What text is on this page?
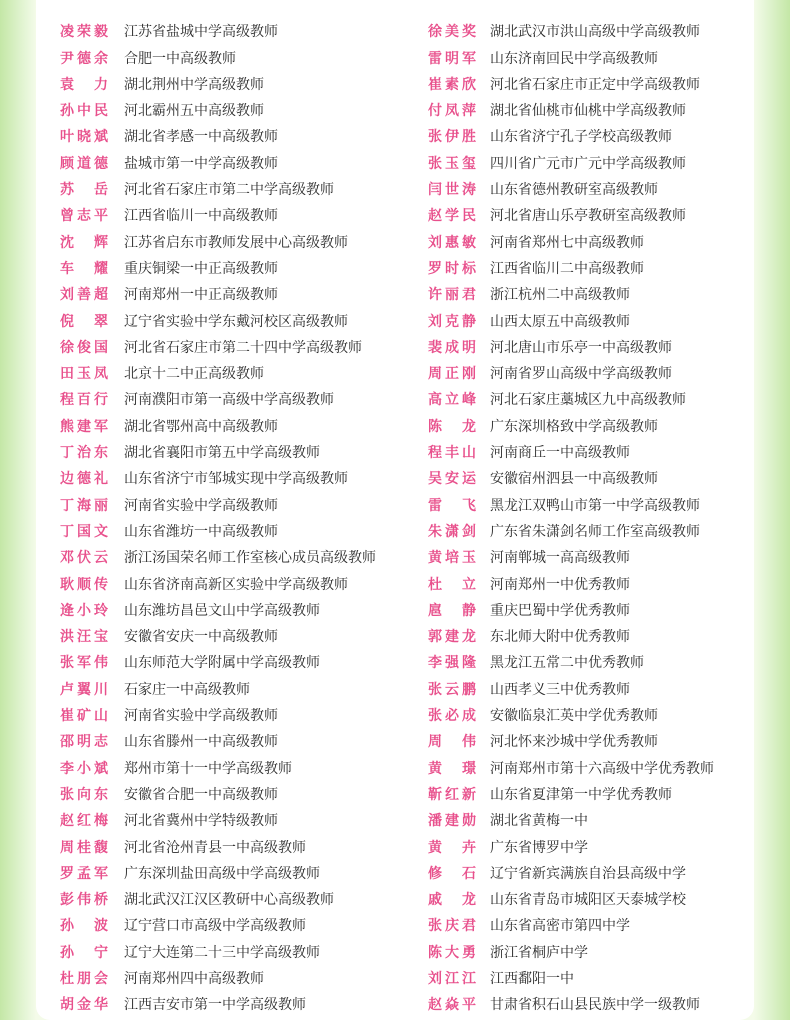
凌荣毅 江苏省盐城中学高级教师	徐美奖 湖北武汉市洪山高级中学高级教师
尹德余 合肥一中高级教师	雷明军 山东济南回民中学高级教师
袁力 湖北荆州中学高级教师	崔素欣 河北省石家庄市正定中学高级教师
孙中民 河北霸州五中高级教师	付凤萍 湖北省仙桃市仙桃中学高级教师
叶晓斌 湖北省孝感一中高级教师	张伊胜 山东省济宁孔子学校高级教师
顾道德 盐城市第一中学高级教师	张玉玺 四川省广元市广元中学高级教师
苏岳 河北省石家庄市第二中学高级教师	闫世涛 山东省德州教研室高级教师
曾志平 江西省临川一中高级教师	赵学民 河北省唐山乐亭教研室高级教师
沈辉 江苏省启东市教师发展中心高级教师	刘惠敏 河南省郑州七中高级教师
车耀 重庆铜梁一中正高级教师	罗时标 江西省临川二中高级教师
刘善超 河南郑州一中正高级教师	许丽君 浙江杭州二中高级教师
倪翠 辽宁省实验中学东戴河校区高级教师	刘克静 山西太原五中高级教师
徐俊国 河北省石家庄市第二十四中学高级教师	裴成明 河北唐山市乐亭一中高级教师
田玉凤 北京十二中正高级教师	周正刚 河南省罗山高级中学高级教师
程百行 河南濮阳市第一高级中学高级教师	高立峰 河北石家庄藁城区九中高级教师
熊建军 湖北省鄂州高中高级教师	陈龙 广东深圳格致中学高级教师
丁治东 湖北省襄阳市第五中学高级教师	程丰山 河南商丘一中高级教师
边德礼 山东省济宁市邹城实现中学高级教师	吴安运 安徽宿州泗县一中高级教师
丁海丽 河南省实验中学高级教师	雷飞 黑龙江双鸭山市第一中学高级教师
丁国文 山东省潍坊一中高级教师	朱潇剑 广东省朱潇剑名师工作室高级教师
邓伏云 浙江汤国荣名师工作室核心成员高级教师	黄培玉 河南郸城一高高级教师
耿顺传 山东省济南高新区实验中学高级教师	杜立 河南郑州一中优秀教师
逄小玲 山东潍坊昌邑文山中学高级教师	扈静 重庆巴蜀中学优秀教师
洪汪宝 安徽省安庆一中高级教师	郭建龙 东北师大附中优秀教师
张军伟 山东师范大学附属中学高级教师	李强隆 黑龙江五常二中优秀教师
卢翼川 石家庄一中高级教师	张云鹏 山西孝义三中优秀教师
崔矿山 河南省实验中学高级教师	张必成 安徽临泉汇英中学优秀教师
邵明志 山东省滕州一中高级教师	周伟 河北怀来沙城中学优秀教师
李小斌 郑州市第十一中学高级教师	黄璟 河南郑州市第十六高级中学优秀教师
张向东 安徽省合肥一中高级教师	靳红新 山东省夏津第一中学优秀教师
赵红梅 河北省冀州中学特级教师	潘建勋 湖北省黄梅一中
周桂馥 河北省沧州青县一中高级教师	黄卉 广东省博罗中学
罗孟军 广东深圳盐田高级中学高级教师	修石 辽宁省新宾满族自治县高级中学
彭伟桥 湖北武汉江汉区教研中心高级教师	戚龙 山东省青岛市城阳区天泰城学校
孙波 辽宁营口市高级中学高级教师	张庆君 山东省高密市第四中学
孙宁 辽宁大连第二十三中学高级教师	陈大勇 浙江省桐庐中学
杜朋会 河南郑州四中高级教师	刘江江 江西鄱阳一中
胡金华 江西吉安市第一中学高级教师	赵焱平 甘肃省积石山县民族中学一级教师
